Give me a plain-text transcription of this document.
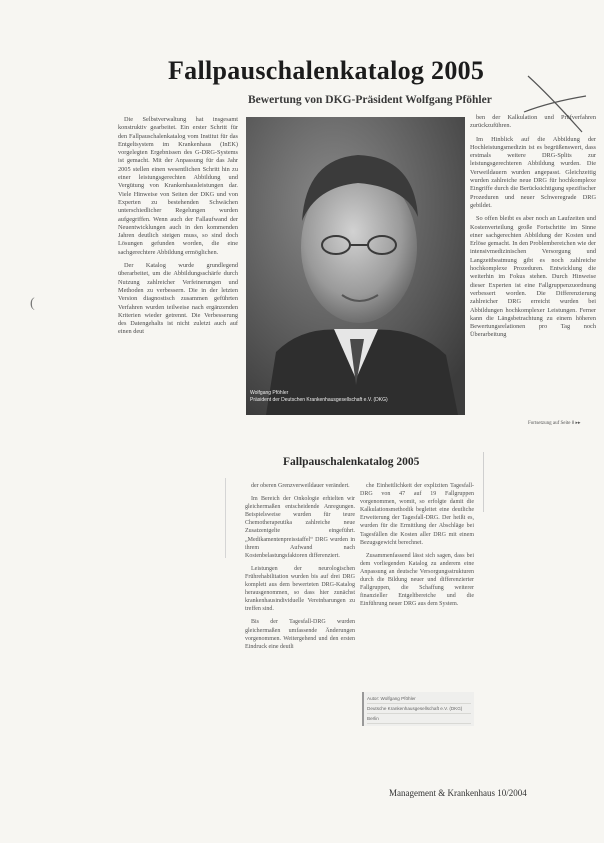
Fallpauschalenkatalog 2005
Bewertung von DKG-Präsident Wolfgang Pföhler

Die Selbstverwaltung hat insgesamt konstruktiv gearbeitet. Ein erster Schritt für den Fallpauschalenkatalog vom Institut für das Entgeltsystem im Krankenhaus (InEK) vorgelegten Ergebnissen des G-DRG-Systems ist gemacht. Mit der Anpassung für das Jahr 2005 stellen einen wesentlichen Schritt hin zu einer leistungsgerechten Abbildung und Vergütung von Krankenhausleistungen dar. Viele Hinweise von Seiten der DKG und von Experten zu bestehenden Schwächen unterschiedlicher Regelungen wurden aufgegriffen. Wenn auch der Fallaufwand der Neuentwicklungen auch in den kommenden Jahren deutlich steigen muss, so sind doch Lösungen gefunden worden, die eine sachgerechtere Abbildung ermöglichen.

Der Katalog wurde grundlegend überarbeitet, um die Abbildungsschärfe durch Nutzung zahlreicher Verfeinerungen und Methoden zu verbessern. Die in der letzten Version diagnostisch zusammen geführten Verfahren wurden teilweise nach ergänzenden Kriterien wieder getrennt. Die Verbesserung des Datengehalts ist nicht zuletzt auch auf einen deut

Wolfgang Pföhler
Präsident der Deutschen Krankenhausgesellschaft e.V. (DKG)

ben der Kalkulation und Prüfverfahren zurückzuführen.

Im Hinblick auf die Abbildung der Hochleistungsmedizin ist es begrüßenswert, dass erstmals weitere DRG-Splits zur leistungsgerechteren Abbildung wurden. Die Verweildauern wurden angepasst. Gleichzeitig wurden zahlreiche neue DRG für hochkomplexe Eingriffe durch die Berücksichtigung spezifischer Prozeduren und neuer Schweregrade DRG gebildet.

So offen bleibt es aber noch an Laufzeiten und Kostenverteilung große Fortschritte im Sinne einer sachgerechten Abbildung der Kosten und Erlöse gemacht. In den Problembereichen wie der intensivmedizinischen Versorgung und Langzeitbeatmung gibt es noch zahlreiche hochkomplexe Prozeduren. Entwicklung die weiterhin im Fokus stehen. Durch Hinweise dieser Experten ist eine Fallgruppenzuordnung verbessert worden. Die Differenzierung zahlreicher DRG erreicht wurden bei Abbildungen hochkomplexer Leistungen. Ferner kann die Längsbetrachtung zu einem höheren Bewertungsrelationen pro Tag noch Überarbeitung

Fortsetzung auf Seite 8 ▸▸
(
Fallpauschalenkatalog 2005

der oberen Grenzverweildauer verändert.

Im Bereich der Onkologie erhielten wir gleichermaßen entscheidende Anregungen. Beispielsweise wurden für teure Chemotherapeutika zahlreiche neue Zusatzentgelte eingeführt. „Medikamentenpreisstaffel“ DRG wurden in ihrem Aufwand nach Kostenbelastungsfaktoren differenziert.

Leistungen der neurologischen Frührehabilitation wurden bis auf drei DRG komplett aus dem bewerteten DRG-Katalog herausgenommen, so dass hier zunächst krankenhausindividuelle Vereinbarungen zu treffen sind.

Bis der Tagesfall-DRG wurden gleichermaßen umfassende Änderungen vorgenommen. Weitergehend und den ersten Eindruck eine deutli

che Einheitlichkeit der expliziten Tagesfall-DRG von 47 auf 19 Fallgruppen vorgenommen, womit, so erfolgte damit die Kalkulationsmethodik begleitet eine deutliche Erweiterung der Tagesfall-DRG. Der heißt es, wurden für die Ermittlung der Abschläge bei Tagesfällen die Kosten aller DRG mit einem Bezugsgewicht berechnet.

Zusammenfassend lässt sich sagen, dass bei dem vorliegenden Katalog zu anderem eine Anpassung an deutsche Versorgungsstrukturen durch die Bildung neuer und differenzierter Fallgruppen, die Schaffung weiterer finanzieller Entgeltbereiche und die Einführung neuer DRG aus dem System.

Autor: Wolfgang Pföhler
Deutsche Krankenhausgesellschaft e.V. (DKG)
Berlin
Management & Krankenhaus 10/2004
